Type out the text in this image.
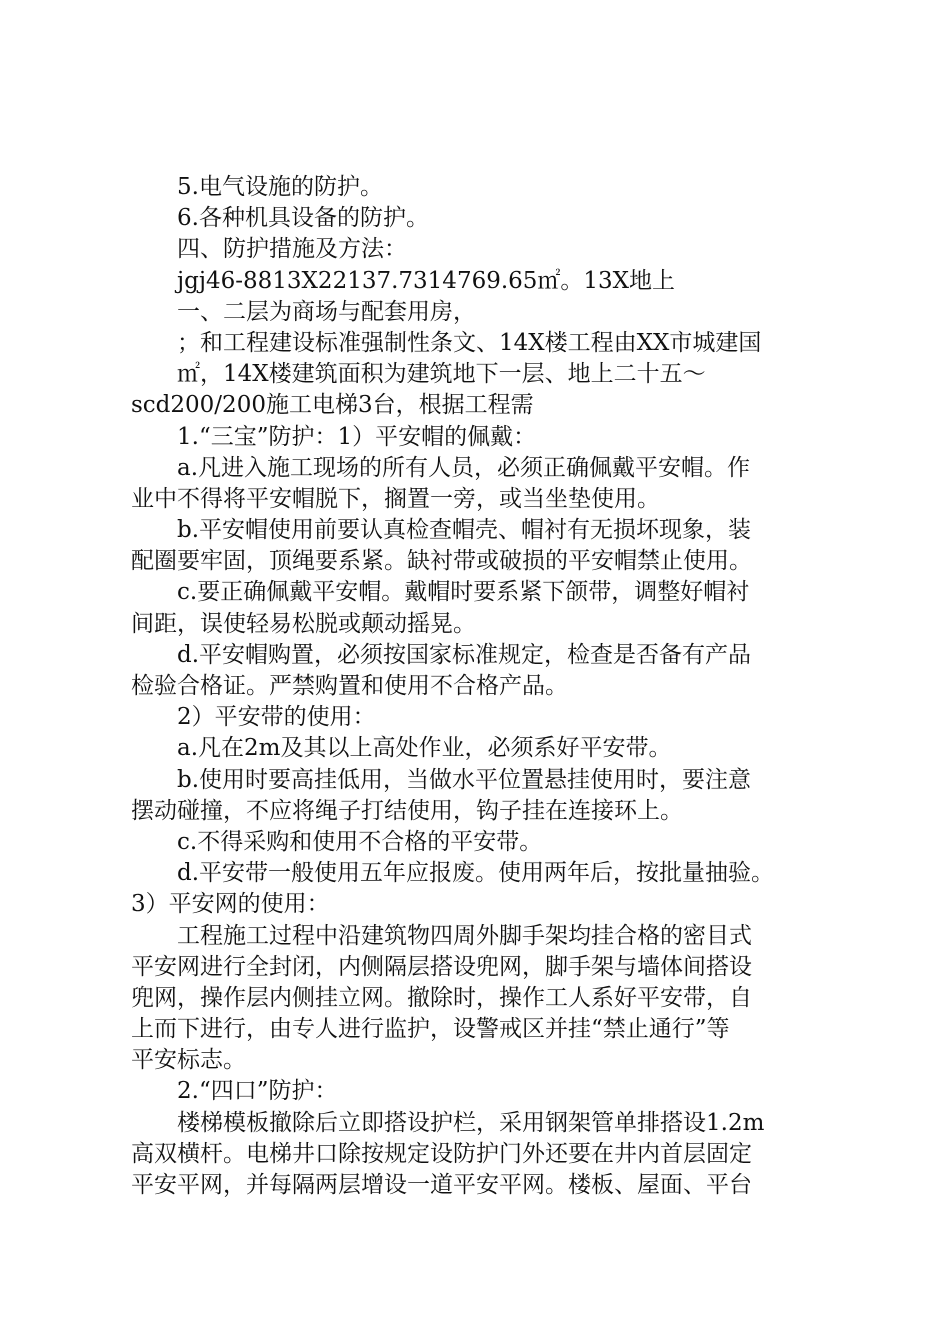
5.电气设施的防护。
6.各种机具设备的防护。
四、防护措施及方法：
jgj46-8813X22137.7314769.65㎡。13X地上
一、二层为商场与配套用房，
；和工程建设标准强制性条文、14X楼工程由XX市城建国
㎡，14X楼建筑面积为建筑地下一层、地上二十五～
scd200/200施工电梯3台，根据工程需
1.“三宝”防护：1）平安帽的佩戴：
a.凡进入施工现场的所有人员，必须正确佩戴平安帽。作
业中不得将平安帽脱下，搁置一旁，或当坐垫使用。
b.平安帽使用前要认真检查帽壳、帽衬有无损坏现象，装
配圈要牢固，顶绳要系紧。缺衬带或破损的平安帽禁止使用。
c.要正确佩戴平安帽。戴帽时要系紧下颌带，调整好帽衬
间距，误使轻易松脱或颠动摇晃。
d.平安帽购置，必须按国家标准规定，检查是否备有产品
检验合格证。严禁购置和使用不合格产品。
2）平安带的使用：
a.凡在2m及其以上高处作业，必须系好平安带。
b.使用时要高挂低用，当做水平位置悬挂使用时，要注意
摆动碰撞，不应将绳子打结使用，钩子挂在连接环上。
c.不得采购和使用不合格的平安带。
d.平安带一般使用五年应报废。使用两年后，按批量抽验。
3）平安网的使用：
工程施工过程中沿建筑物四周外脚手架均挂合格的密目式
平安网进行全封闭，内侧隔层搭设兜网，脚手架与墙体间搭设
兜网，操作层内侧挂立网。撤除时，操作工人系好平安带，自
上而下进行，由专人进行监护，设警戒区并挂“禁止通行”等
平安标志。
2.“四口”防护：
楼梯模板撤除后立即搭设护栏，采用钢架管单排搭设1.2m
高双横杆。电梯井口除按规定设防护门外还要在井内首层固定
平安平网，并每隔两层增设一道平安平网。楼板、屋面、平台
